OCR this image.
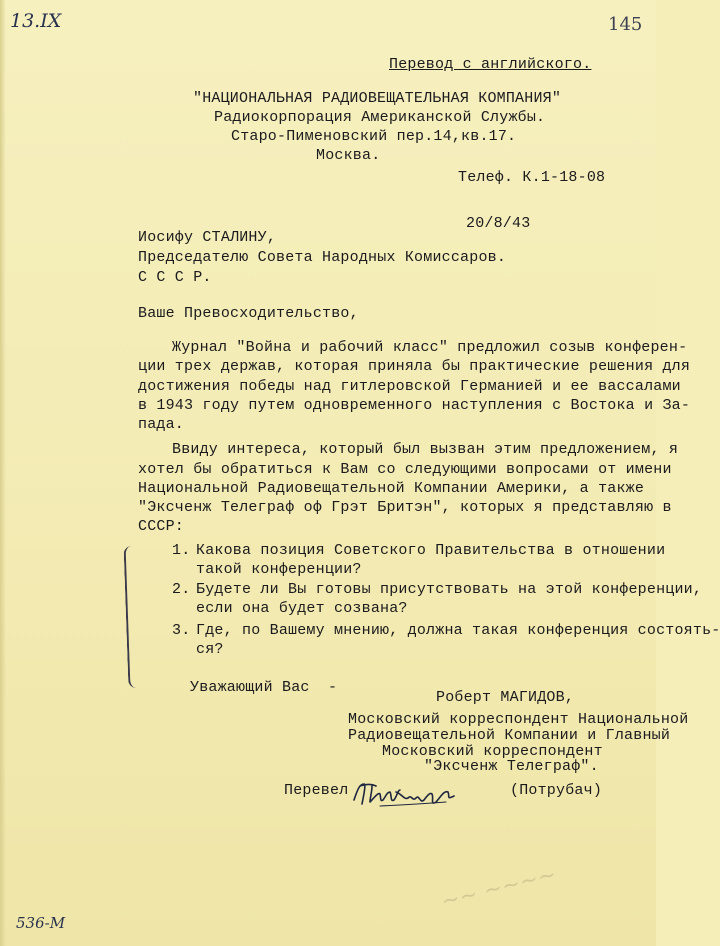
13.IX	145
536-М
Перевод с английского.
"НАЦИОНАЛЬНАЯ РАДИОВЕЩАТЕЛЬНАЯ КОМПАНИЯ"
Радиокорпорация Американской Службы.
Старо-Пименовский пер.14,кв.17.
Москва.
Телеф. К.1-18-08
20/8/43
Иосифу СТАЛИНУ,
Председателю Совета Народных Комиссаров.
С С С Р.
Ваше Превосходительство,
Журнал "Война и рабочий класс" предложил созыв конферен-
ции трех держав, которая приняла бы практические решения для
достижения победы над гитлеровской Германией и ее вассалами
в 1943 году путем одновременного наступления с Востока и За-
пада.
Ввиду интереса, который был вызван этим предложением, я
хотел бы обратиться к Вам со следующими вопросами от имени
Национальной Радиовещательной Компании Америки, а также
"Эксченж Телеграф оф Грэт Бритэн", которых я представляю в
СССР:
1. Какова позиция Советского Правительства в отношении
такой конференции?
2. Будете ли Вы готовы присутствовать на этой конференции,
если она будет созвана?
3. Где, по Вашему мнению, должна такая конференция состоять-
ся?
Уважающий Вас  -
Роберт МАГИДОВ,
Московский корреспондент Национальной
Радиовещательной Компании и Главный
Московский корреспондент
"Эксченж Телеграф".
Перевел	(Потрубач)
~~ ~~~~
